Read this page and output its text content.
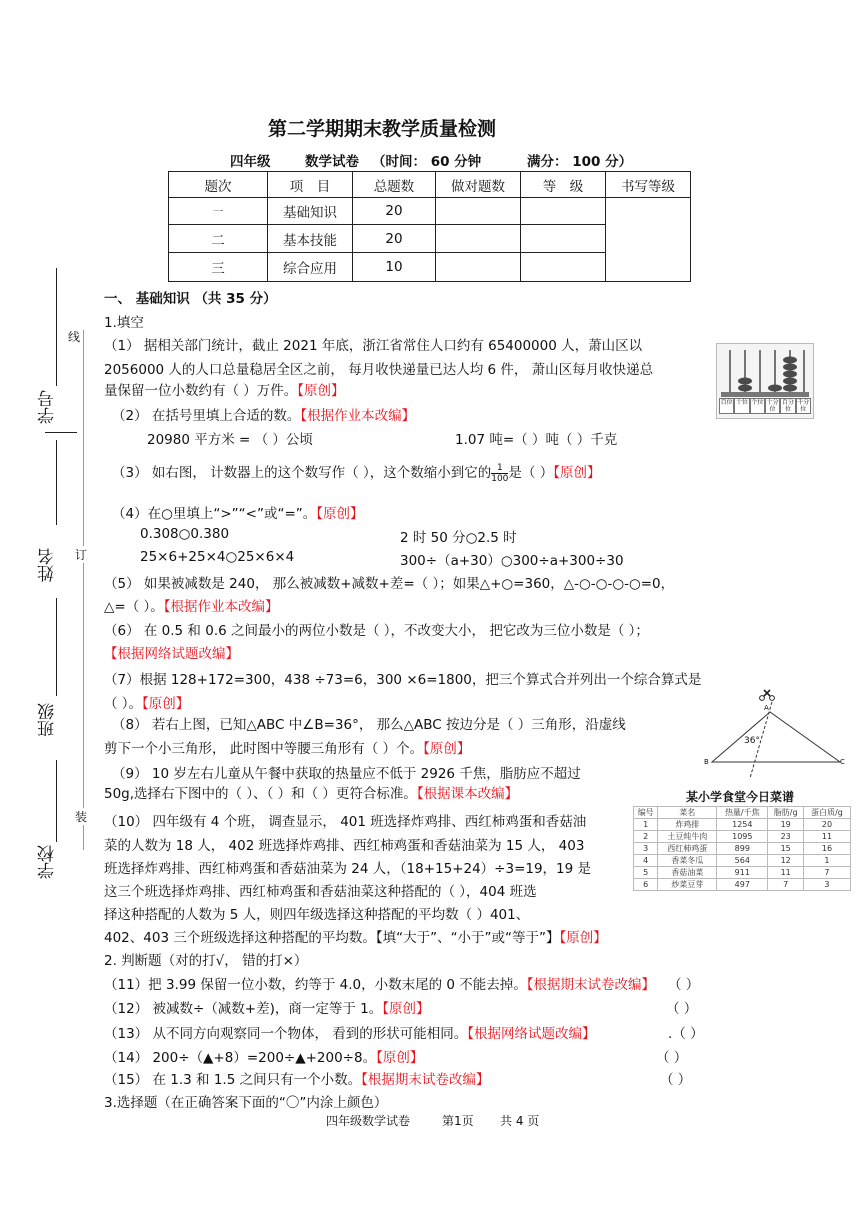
第二学期期末教学质量检测
四年级	数学试卷 （时间： 60 分钟	满分： 100 分）
题次	项　目	总题数	做对题数	等　级	书写等级
一	基础知识	20			
二	基本技能	20			
三	综合应用	10			
学号
姓名
班级
学校
线
订
装
一、 基础知识 （共 35 分）
1.填空
（1） 据相关部门统计，截止 2021 年底，浙江省常住人口约有 65400000 人，萧山区以
2056000 人的人口总量稳居全区之前， 每月收快递量已达人均 6 件， 萧山区每月收快递总
量保留一位小数约有（ ）万件。【原创】
百位 十位 个位 十分位
百分位
千分位
（2） 在括号里填上合适的数。【根据作业本改编】
20980 平方米 = （ ）公顷	1.07 吨=（ ）吨（ ）千克
（3） 如右图， 计数器上的这个数写作（ ），这个数缩小到它的 $\frac{1}{100}$ 是（ ）【原创】
（4）在○里填上“>”“<”或“=”。【原创】
0.308○0.380	2 时 50 分○2.5 时
25×6+25×4○25×6×4	300÷（a+30）○300÷a+300÷30
（5） 如果被减数是 240， 那么被减数+减数+差=（ ）；如果△+○=360，△-○-○-○-○=0，
△=（ ）。【根据作业本改编】
（6） 在 0.5 和 0.6 之间最小的两位小数是（ ），不改变大小， 把它改为三位小数是（ ）；
【根据网络试题改编】
（7）根据 128+172=300，438 ÷73=6，300 ×6=1800，把三个算式合并列出一个综合算式是
（ ）。【原创】
36°
A
B	C
（8） 若右上图，已知△ABC 中∠B=36°， 那么△ABC 按边分是（ ）三角形，沿虚线
剪下一个小三角形， 此时图中等腰三角形有（ ）个。【原创】
（9） 10 岁左右儿童从午餐中获取的热量应不低于 2926 千焦，脂肪应不超过
50g,选择右下图中的（ ）、（ ）和（ ）更符合标准。【根据课本改编】	某小学食堂今日菜谱
编号	菜名	热量/千焦	脂肪/g	蛋白质/g
1	炸鸡排	1254	19	20
2	土豆炖牛肉	1095	23	11
3	西红柿鸡蛋	899	15	16
4	香菜冬瓜	564	12	1
5	香菇油菜	911	11	7
6	炒菜豆芽	497	7	3
（10） 四年级有 4 个班， 调查显示， 401 班选择炸鸡排、西红柿鸡蛋和香菇油
菜的人数为 18 人， 402 班选择炸鸡排、西红柿鸡蛋和香菇油菜为 15 人， 403
班选择炸鸡排、西红柿鸡蛋和香菇油菜为 24 人，（18+15+24）÷3=19，19 是
这三个班选择炸鸡排、西红柿鸡蛋和香菇油菜这种搭配的（ ），404 班选
择这种搭配的人数为 5 人，则四年级选择这种搭配的平均数（ ）401、
402、403 三个班级选择这种搭配的平均数。【填“大于”、“小于”或“等于”】【原创】
2. 判断题（对的打√， 错的打×）
（11）把 3.99 保留一位小数，约等于 4.0，小数末尾的 0 不能去掉。【根据期末试卷改编】 （ ）
（12） 被减数÷（减数+差)，商一定等于 1。【原创】	（ ）
（13） 从不同方向观察同一个物体， 看到的形状可能相同。【根据网络试题改编】	.（ ）
（14） 200÷（▲+8）=200÷▲+200÷8。【原创】	（ ）
（15） 在 1.3 和 1.5 之间只有一个小数。【根据期末试卷改编】	（ ）
3.选择题（在正确答案下面的“〇”内涂上颜色）
四年级数学试卷	第1页 共 4 页
